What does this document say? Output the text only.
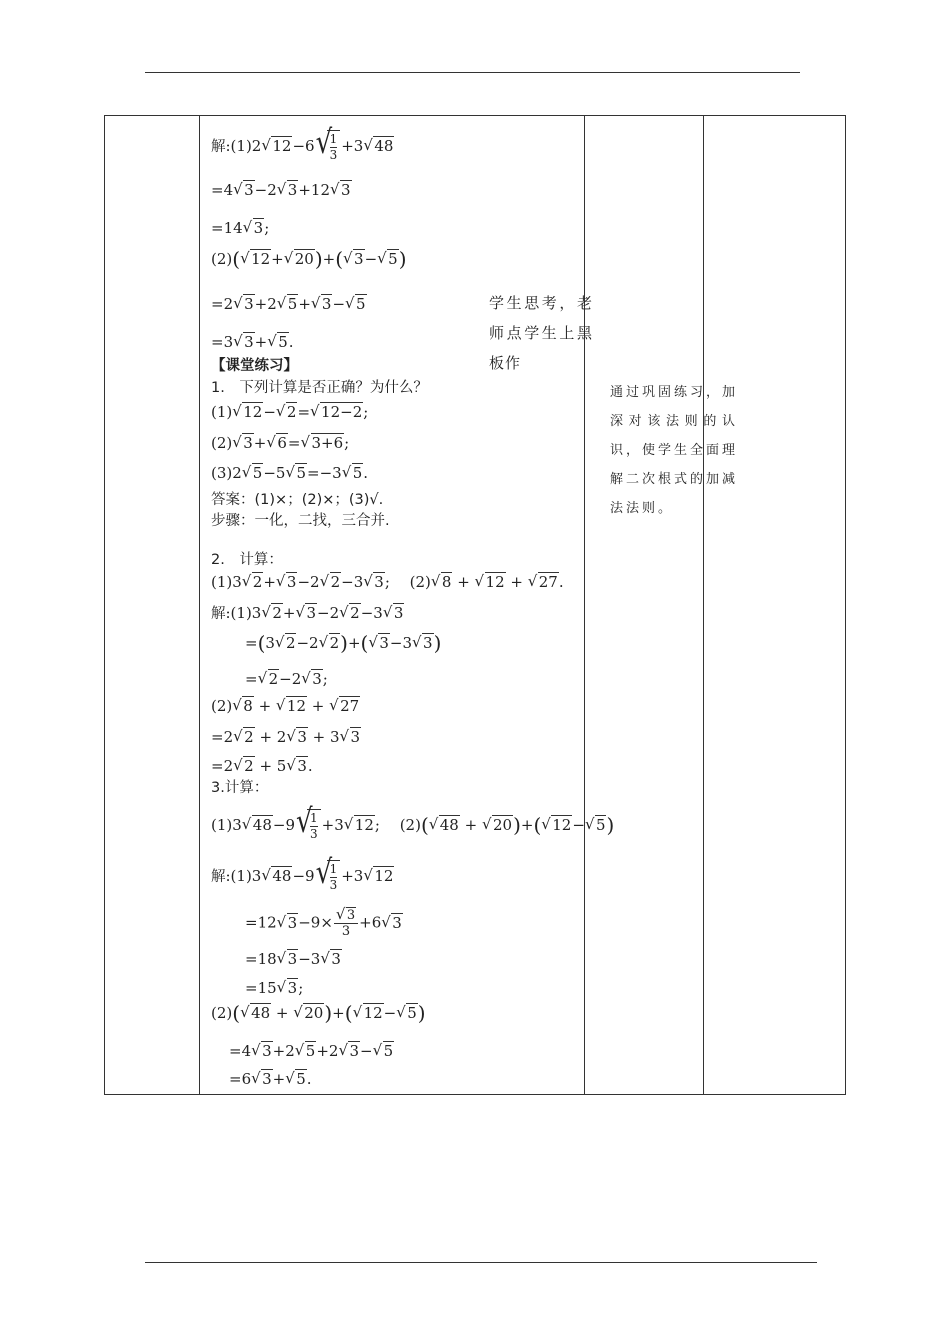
解:(1)2√ 12−6
√ $\frac{1}{3} +3√$ 48
=4√ 3−2√ 3+12√ 3
=14√ 3;
(2)(√ 12+√ 20)+(√ 3−√ 5)
=2√ 3+2√ 5+√ 3−√ 5
=3√ 3+√ 5.
【课堂练习】
1.　下列计算是否正确？为什么？
(1)√ 12−√ 2=√ 12−2;
(2)√ 3+√ 6=√ 3+6;
(3)2√ 5−5√ 5=−3√ 5.
答案：(1)×；(2)×；(3)√.
步骤：一化，二找，三合并.
2.　计算：
(1)3√ 2+√ 3−2√ 2−3√ 3;　 (2)√ 8 + √ 12 + √ 27.
解:(1)3√ 2+√ 3−2√ 2−3√ 3
=(3√ 2−2√ 2)+(√ 3−3√ 3)
=√ 2−2√ 3;
(2)√ 8 + √ 12 + √ 27
=2√ 2 + 2√ 3 + 3√ 3
=2√ 2 + 5√ 3.
3.计算：
(1)3√ 48−9
√ $\frac{1}{3} +3√$ 12;　 (2)(√ 48 + √ 20)+(√ 12−√ 5)
解:(1)3√ 48−9
√ $\frac{1}{3} +3√$ 12
=12√ 3−9×
√ $\frac{3}{3} +6√$ 3
=18√ 3−3√ 3
=15√ 3;
(2)(√ 48 + √ 20)+(√ 12−√ 5)
=4√ 3+2√ 5+2√ 3−√ 5
=6√ 3+√ 5.
学生思考，老师点学生上黑板作
通过巩固练习，加深对该法则的认识，使学生全面理解二次根式的加减法法则。
